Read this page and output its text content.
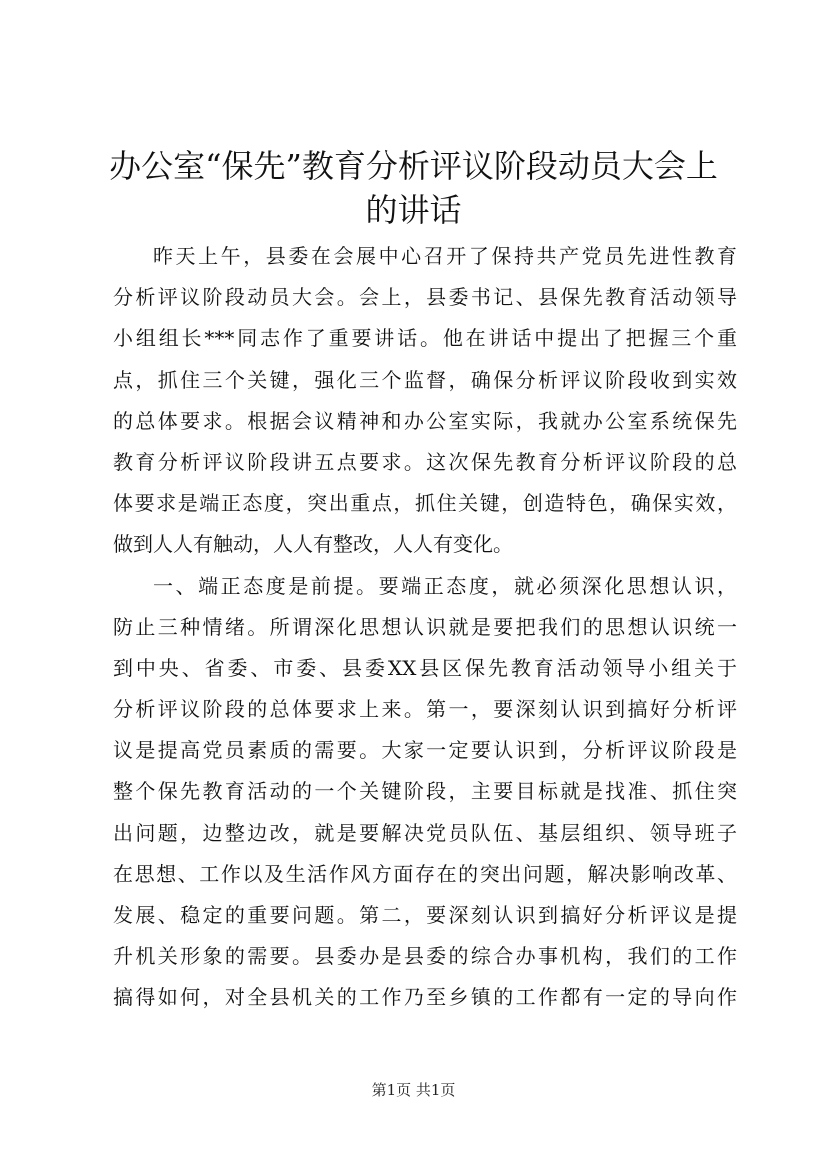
办公室“保先”教育分析评议阶段动员大会上
的讲话
昨天上午，县委在会展中心召开了保持共产党员先进性教育
分析评议阶段动员大会。会上，县委书记、县保先教育活动领导
小组组长***同志作了重要讲话。他在讲话中提出了把握三个重
点，抓住三个关键，强化三个监督，确保分析评议阶段收到实效
的总体要求。根据会议精神和办公室实际，我就办公室系统保先
教育分析评议阶段讲五点要求。这次保先教育分析评议阶段的总
体要求是端正态度，突出重点，抓住关键，创造特色，确保实效，
做到人人有触动，人人有整改，人人有变化。
一、端正态度是前提。要端正态度，就必须深化思想认识，
防止三种情绪。所谓深化思想认识就是要把我们的思想认识统一
到中央、省委、市委、县委XX县区保先教育活动领导小组关于
分析评议阶段的总体要求上来。第一，要深刻认识到搞好分析评
议是提高党员素质的需要。大家一定要认识到，分析评议阶段是
整个保先教育活动的一个关键阶段，主要目标就是找准、抓住突
出问题，边整边改，就是要解决党员队伍、基层组织、领导班子
在思想、工作以及生活作风方面存在的突出问题，解决影响改革、
发展、稳定的重要问题。第二，要深刻认识到搞好分析评议是提
升机关形象的需要。县委办是县委的综合办事机构，我们的工作
搞得如何，对全县机关的工作乃至乡镇的工作都有一定的导向作
第1页 共1页
